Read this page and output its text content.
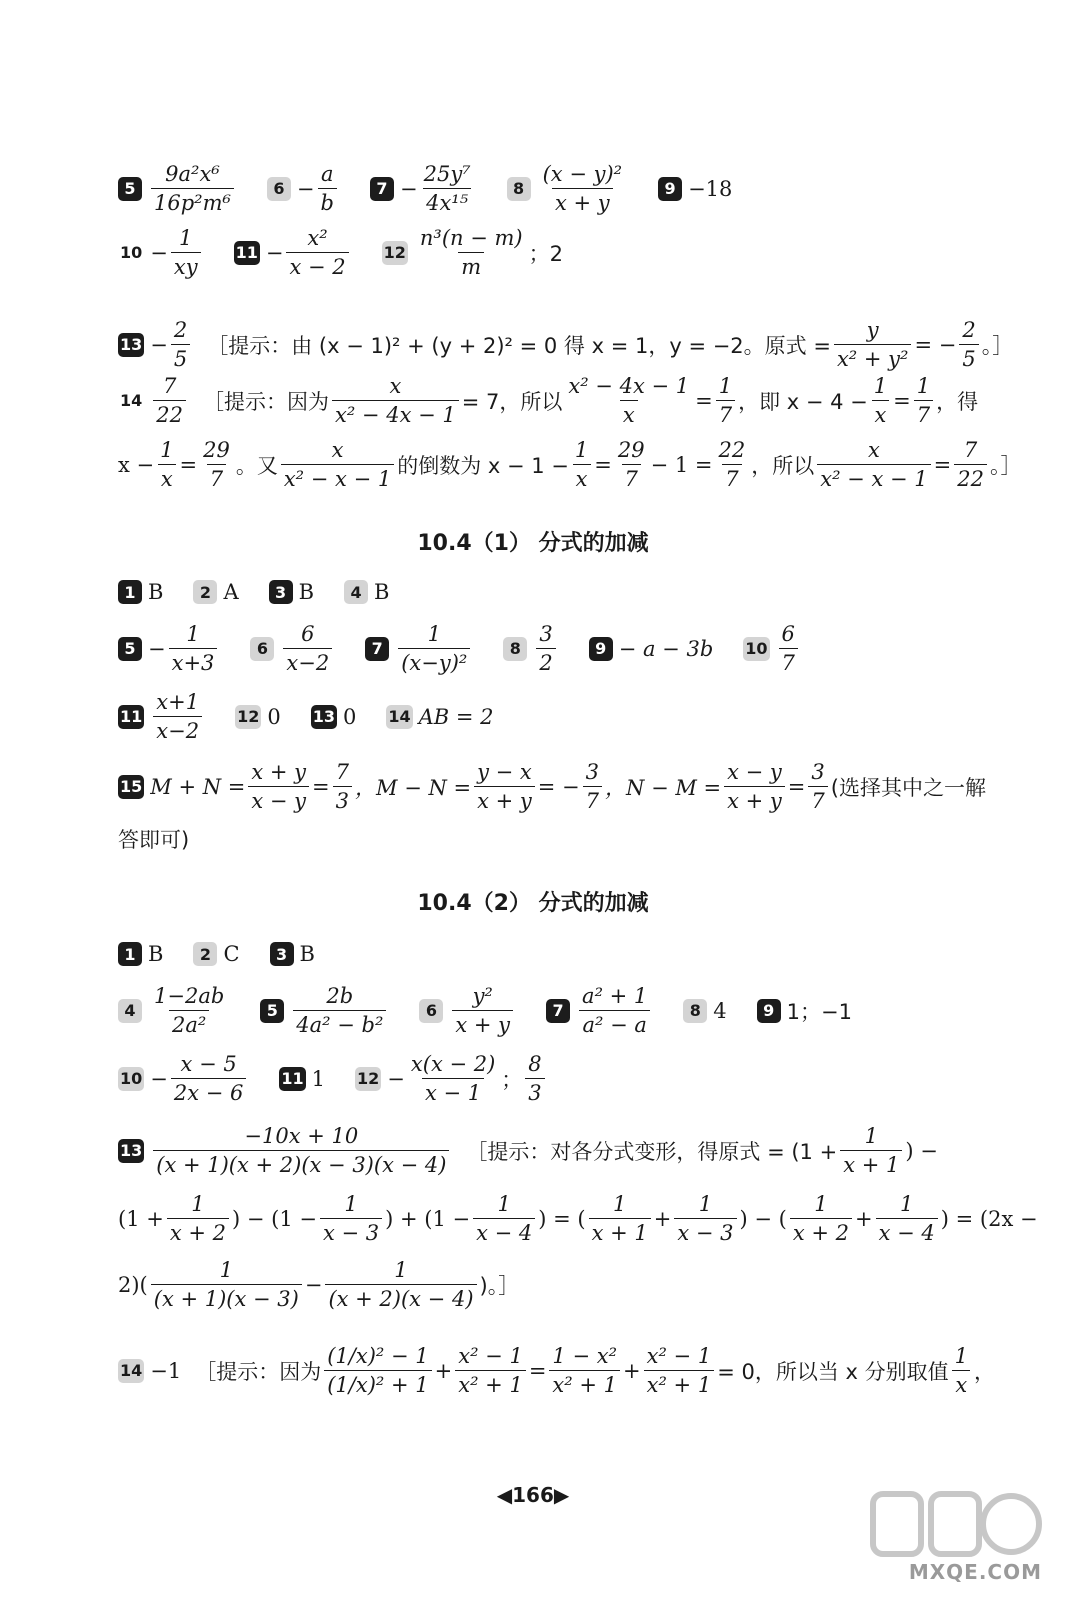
$5 \frac{\text{9a²x⁶}}{\text{16p²m⁶}}$	$6 - \frac{a}{b}$	$7 - \frac{\text{25y⁷}}{\text{4x¹⁵}}$	$8 \frac{\text{(x − y)²}}{x + y}$	9 −18
$10 - \frac{1}{xy} 11 - \frac{\text{x²}}{x - 2} 12 \frac{\text{n³(n − m)}}{m}$ ；2
$13 - \frac{2}{5}$ ［提示：由 (x − 1)² + (y + 2)² = 0 得 x = 1，y = −2。原式 = $\frac{y}{\text{x² + y²}}$ = − $\frac{2}{5}$ 。］
$14 \frac{7}{22}$ ［提示：因为 $\frac{x}{\text{x² − 4x − 1}} = 7$，所以 $\frac{\text{x² − 4x − 1}}{x} = \frac{1}{7}$ ，即 $x - 4 - \frac{1}{x} = \frac{1}{7}$ ，得
$x - \frac{1}{x} = \frac{29}{7}$ 。又 $\frac{x}{\text{x² − x − 1}}$ 的倒数为 $x - 1 - \frac{1}{x} = \frac{29}{7} - 1 = \frac{22}{7}$ ，所以 $\frac{x}{\text{x² − x − 1}} = \frac{7}{22}$ 。］
10.4（1） 分式的加减
1 B	2 A	3 B	4 B
$5 - \frac{1}{x+3}$	$6 \frac{6}{x-2}$	$7 \frac{1}{\text{(x−y)²}}$	$8 \frac{3}{2}$	9 − a − 3b $10 \frac{6}{7}$
$11 \frac{x+1}{x-2} 12$ 0 13 0 14 AB = 2
15 $M + N = \frac{x + y}{x - y} = \frac{7}{3}$ ，$M - N = \frac{y - x}{x + y}$ = − $\frac{3}{7}$ ，$N - M = \frac{x - y}{x + y} = \frac{3}{7}$ (选择其中之一解
答即可)
10.4（2） 分式的加减
1 B	2 C	3 B
$4 \frac{1-2ab}{\text{2a²}}$	$5 \frac{2b}{\text{4a² − b²}}$	$6 \frac{\text{y²}}{x + y}$	$7 \frac{\text{a² + 1}}{\text{a² − a}}$	8 4	9 1；−1
$10 - \frac{x - 5}{2x - 6} 11$ 1 $12 - \frac{x(x - 2)}{x - 1}$ ； $\frac{8}{3}$
$13 \frac{-10x + 10}{(x + 1)(x + 2)(x - 3)(x - 4)}$ ［提示：对各分式变形，得原式 = ($1 + \frac{1}{x + 1}$ ) −
($1 + \frac{1}{x + 2}$ ) − ($1 - \frac{1}{x - 3}$ ) + ($1 - \frac{1}{x - 4}$ ) = ( $\frac{1}{x + 1} + \frac{1}{x - 3}$ ) − ( $\frac{1}{x + 2} + \frac{1}{x - 4}$ ) = (2x −
$2)( \frac{1}{(x + 1)(x - 3)} - \frac{1}{(x + 2)(x - 4)}$ )。］
14 −1 ［提示：因为 $\frac{\text{(1/x)² − 1}}{\text{(1/x)² + 1}} + \frac{\text{x² − 1}}{\text{x² + 1}} = \frac{\text{1 − x²}}{\text{x² + 1}} + \frac{\text{x² − 1}}{\text{x² + 1}} = 0$，所以当 x 分别取值 $\frac{1}{x}$ ，
◀166▶
MXQE.COM
